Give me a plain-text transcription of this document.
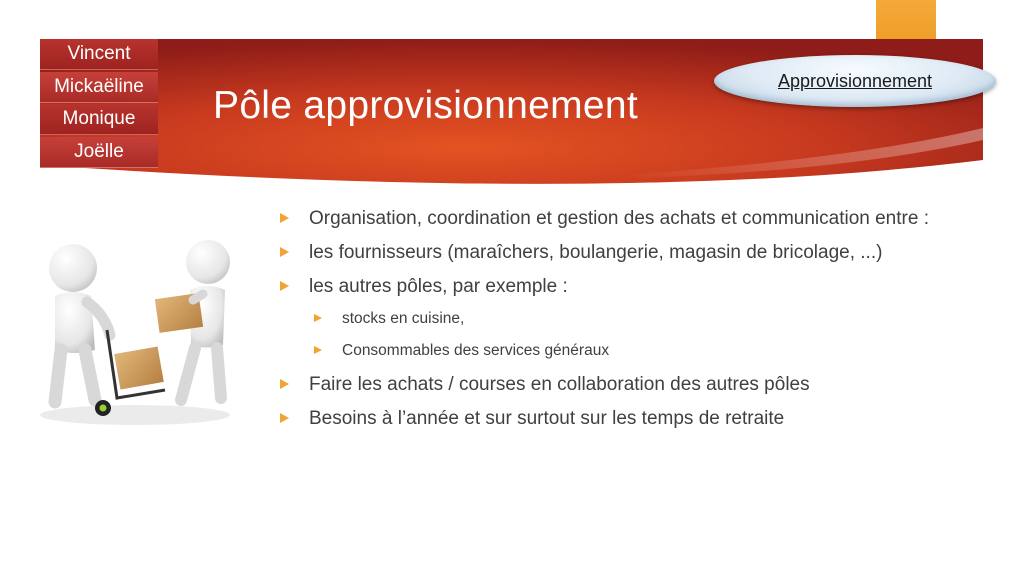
Vincent
Mickaëline
Monique
Joëlle
Pôle approvisionnement
Approvisionnement
Organisation, coordination et gestion des achats et communication entre :
les fournisseurs (maraîchers, boulangerie, magasin de bricolage, ...)
les autres pôles, par exemple :
stocks en cuisine,
Consommables des services généraux
Faire les achats / courses en collaboration des autres pôles
Besoins à l’année et sur surtout sur les temps de retraite
